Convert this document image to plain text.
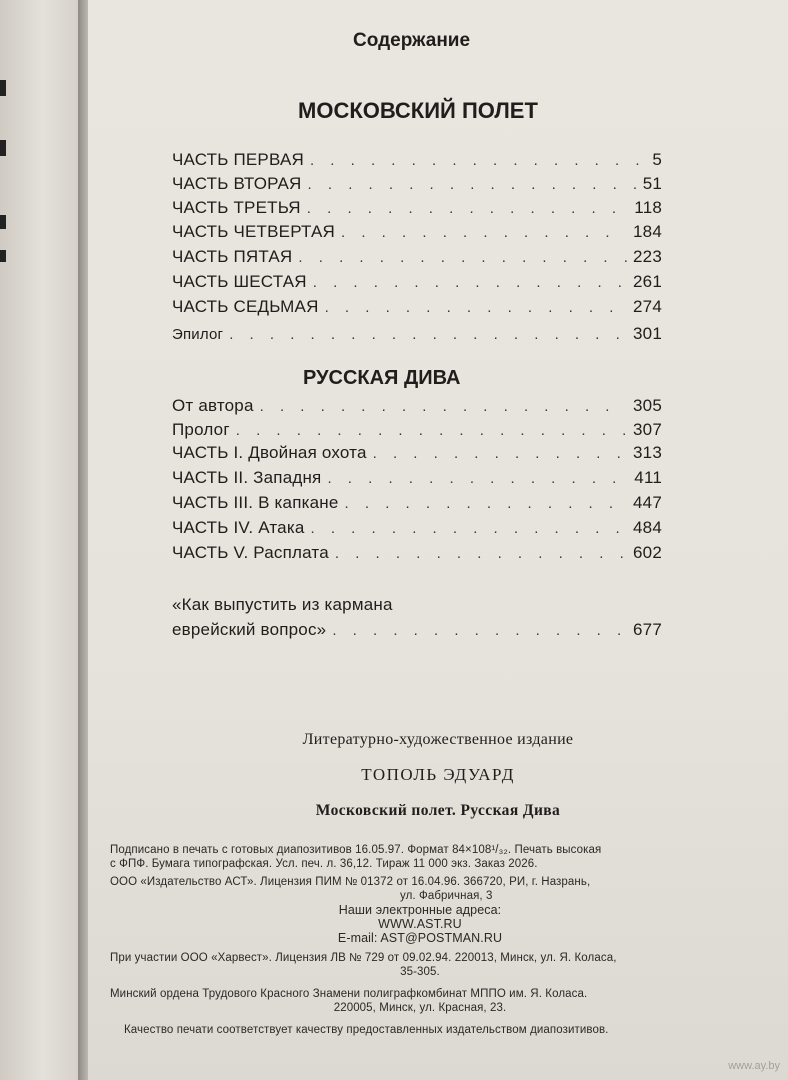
Содержание
МОСКОВСКИЙ ПОЛЕТ
ЧАСТЬ ПЕРВАЯ . . .	5
ЧАСТЬ ВТОРАЯ . . .	51
ЧАСТЬ ТРЕТЬЯ . . .	118
ЧАСТЬ ЧЕТВЕРТАЯ . . .	184
ЧАСТЬ ПЯТАЯ . . .	223
ЧАСТЬ ШЕСТАЯ . . .	261
ЧАСТЬ СЕДЬМАЯ . . .	274
Эпилог . . .	301
РУССКАЯ ДИВА
От автора . . .	305
Пролог . . .	307
ЧАСТЬ I. Двойная охота . . .	313
ЧАСТЬ II. Западня . . .	411
ЧАСТЬ III. В капкане . . .	447
ЧАСТЬ IV. Атака . . .	484
ЧАСТЬ V. Расплата . . .	602
«Как выпустить из кармана
еврейский вопрос» . . .	677
Литературно-художественное издание
ТОПОЛЬ ЭДУАРД
Московский полет. Русская Дива
Подписано в печать с готовых диапозитивов 16.05.97. Формат 84×108¹/₃₂. Печать высокая
с ФПФ. Бумага типографская. Усл. печ. л. 36,12. Тираж 11 000 экз. Заказ 2026.
ООО «Издательство АСТ». Лицензия ПИМ № 01372 от 16.04.96. 366720, РИ, г. Назрань,
ул. Фабричная, 3
Наши электронные адреса:
WWW.AST.RU
E-mail: AST@POSTMAN.RU
При участии ООО «Харвест». Лицензия ЛВ № 729 от 09.02.94. 220013, Минск, ул. Я. Коласа,
35-305.
Минский ордена Трудового Красного Знамени полиграфкомбинат МППО им. Я. Коласа.
220005, Минск, ул. Красная, 23.
Качество печати соответствует качеству предоставленных издательством диапозитивов.
www.ay.by
